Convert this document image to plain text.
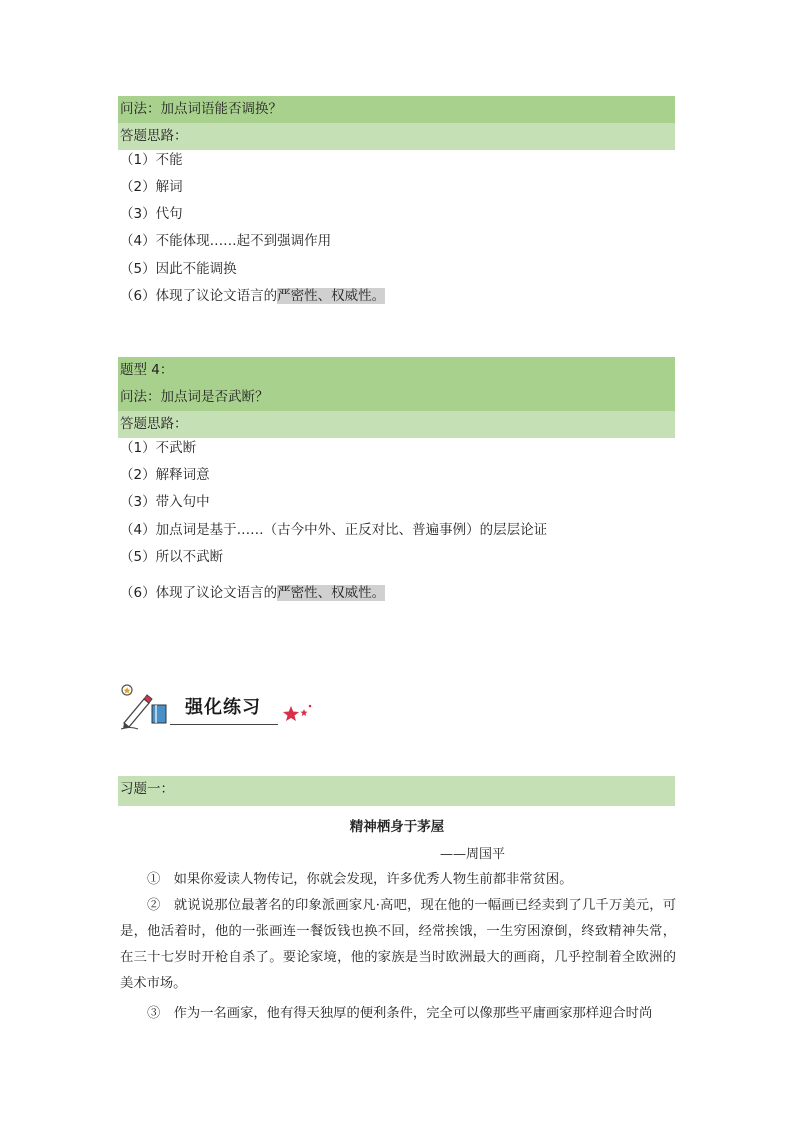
问法：加点词语能否调换？
答题思路：
（1）不能
（2）解词
（3）代句
（4）不能体现……起不到强调作用
（5）因此不能调换
（6）体现了议论文语言的严密性、权威性。
题型 4：
问法：加点词是否武断？
答题思路：
（1）不武断
（2）解释词意
（3）带入句中
（4）加点词是基于……（古今中外、正反对比、普遍事例）的层层论证
（5）所以不武断
（6）体现了议论文语言的严密性、权威性。
强化练习
习题一：
精神栖身于茅屋
——周国平
①　如果你爱读人物传记，你就会发现，许多优秀人物生前都非常贫困。
②　就说说那位最著名的印象派画家凡·高吧，现在他的一幅画已经卖到了几千万美元，可是，他活着时，他的一张画连一餐饭钱也换不回，经常挨饿，一生穷困潦倒，终致精神失常，在三十七岁时开枪自杀了。要论家境，他的家族是当时欧洲最大的画商，几乎控制着全欧洲的美术市场。
③　作为一名画家，他有得天独厚的便利条件，完全可以像那些平庸画家那样迎合时尚
